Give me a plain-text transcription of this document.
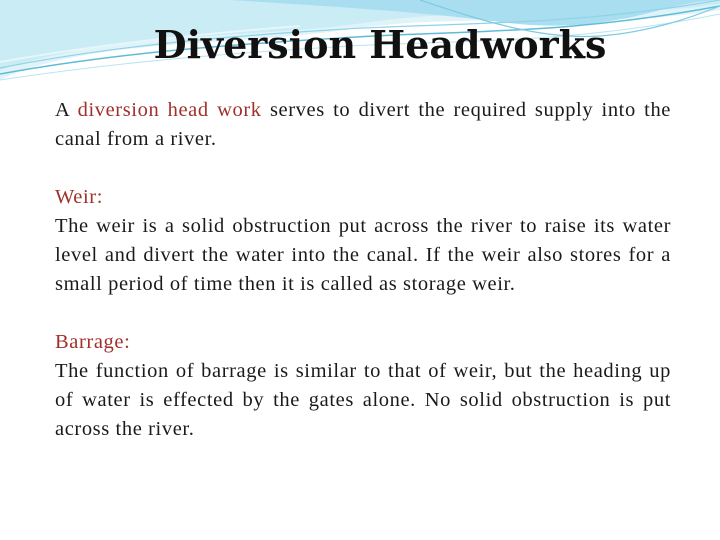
Diversion Headworks

A diversion head work serves to divert the required supply into the canal from a river.

Weir:

The weir is a solid obstruction put across the river to raise its water level and divert the water into the canal. If the weir also stores for a small period of time then it is called as storage weir.

Barrage:

The function of barrage is similar to that of weir, but the heading up of water is effected by the gates alone. No solid obstruction is put across the river.
